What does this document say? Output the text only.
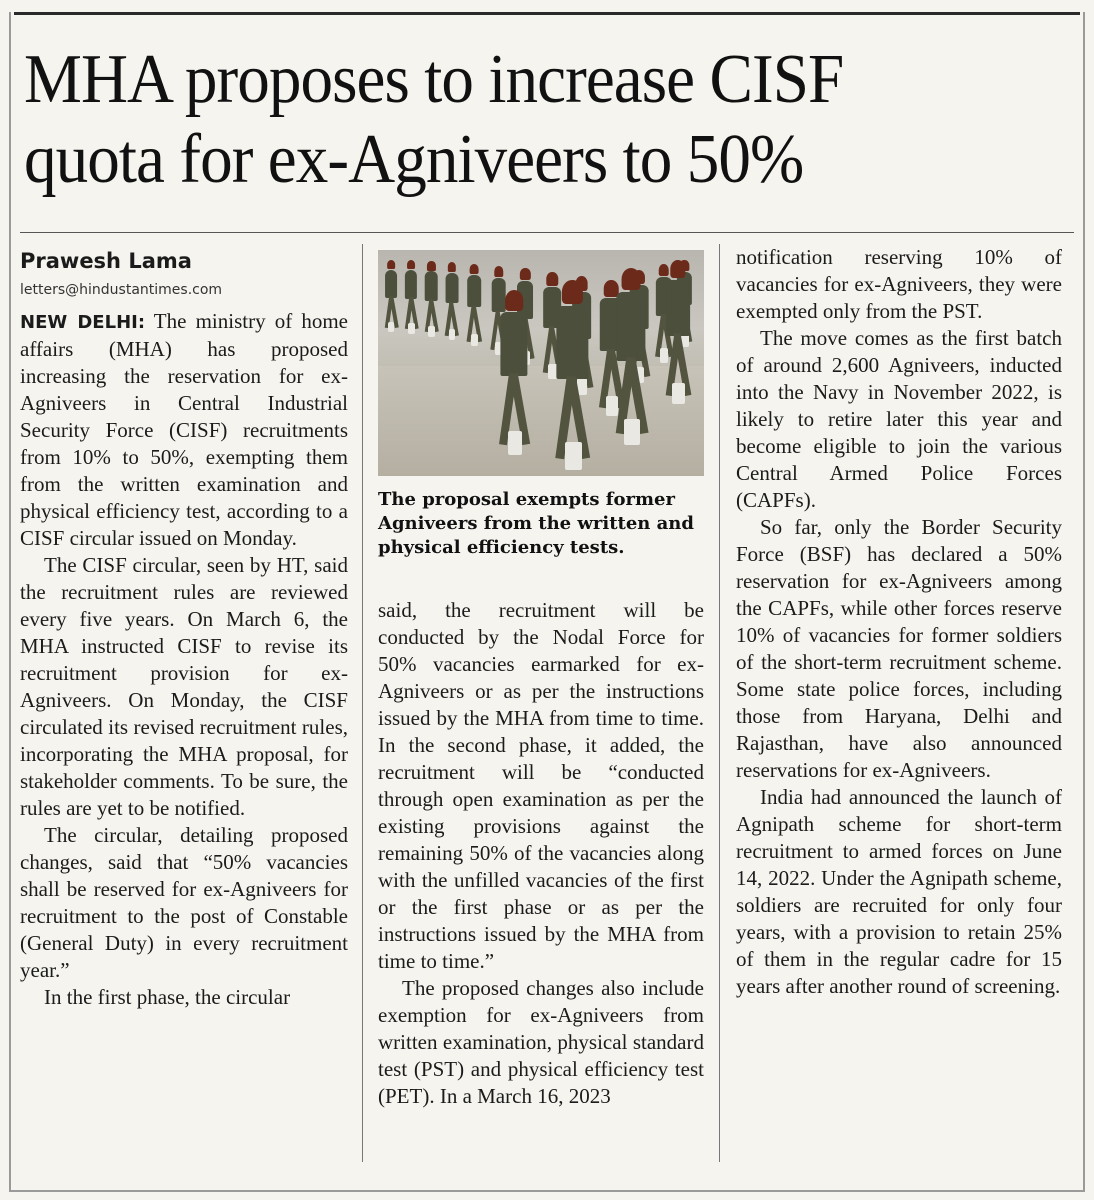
MHA proposes to increase CISF
quota for ex-Agniveers to 50%
Prawesh Lama
letters@hindustantimes.com

NEW DELHI: The ministry of home affairs (MHA) has proposed increasing the reservation for ex-Agniveers in Central Industrial Security Force (CISF) recruitments from 10% to 50%, exempting them from the written examination and physical efficiency test, according to a CISF circular issued on Monday.

The CISF circular, seen by HT, said the recruitment rules are reviewed every five years. On March 6, the MHA instructed CISF to revise its recruitment provision for ex-Agniveers. On Monday, the CISF circulated its revised recruitment rules, incorporating the MHA proposal, for stakeholder comments. To be sure, the rules are yet to be notified.

The circular, detailing proposed changes, said that “50% vacancies shall be reserved for ex-Agniveers for recruitment to the post of Constable (General Duty) in every recruitment year.”

In the first phase, the circular

The proposal exempts former Agniveers from the written and physical efficiency tests.

said, the recruitment will be conducted by the Nodal Force for 50% vacancies earmarked for ex-Agniveers or as per the instructions issued by the MHA from time to time. In the second phase, it added, the recruitment will be “conducted through open examination as per the existing provisions against the remaining 50% of the vacancies along with the unfilled vacancies of the first or the first phase or as per the instructions issued by the MHA from time to time.”

The proposed changes also include exemption for ex-Agniveers from written examination, physical standard test (PST) and physical efficiency test (PET). In a March 16, 2023

notification reserving 10% of vacancies for ex-Agniveers, they were exempted only from the PST.

The move comes as the first batch of around 2,600 Agniveers, inducted into the Navy in November 2022, is likely to retire later this year and become eligible to join the various Central Armed Police Forces (CAPFs).

So far, only the Border Security Force (BSF) has declared a 50% reservation for ex-Agniveers among the CAPFs, while other forces reserve 10% of vacancies for former soldiers of the short-term recruitment scheme. Some state police forces, including those from Haryana, Delhi and Rajasthan, have also announced reservations for ex-Agniveers.

India had announced the launch of Agnipath scheme for short-term recruitment to armed forces on June 14, 2022. Under the Agnipath scheme, soldiers are recruited for only four years, with a provision to retain 25% of them in the regular cadre for 15 years after another round of screening.
